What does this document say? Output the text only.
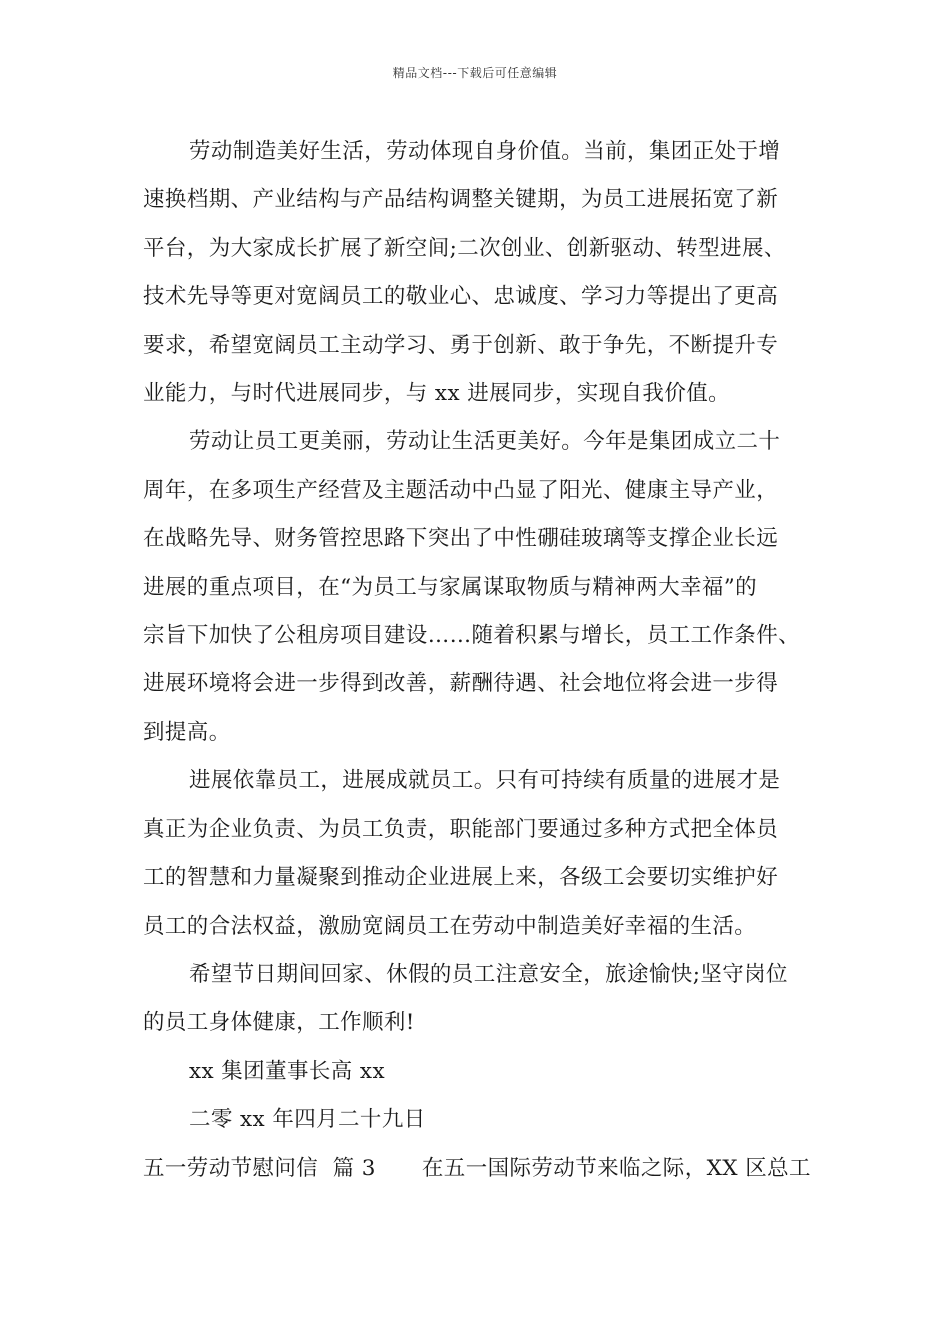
精品文档---下载后可任意编辑

劳动制造美好生活，劳动体现自身价值。当前，集团正处于增
速换档期、产业结构与产品结构调整关键期，为员工进展拓宽了新
平台，为大家成长扩展了新空间;二次创业、创新驱动、转型进展、
技术先导等更对宽阔员工的敬业心、忠诚度、学习力等提出了更高
要求，希望宽阔员工主动学习、勇于创新、敢于争先，不断提升专
业能力，与时代进展同步，与 xx 进展同步，实现自我价值。

劳动让员工更美丽，劳动让生活更美好。今年是集团成立二十
周年，在多项生产经营及主题活动中凸显了阳光、健康主导产业，
在战略先导、财务管控思路下突出了中性硼硅玻璃等支撑企业长远
进展的重点项目，在“为员工与家属谋取物质与精神两大幸福”的
宗旨下加快了公租房项目建设……随着积累与增长，员工工作条件、
进展环境将会进一步得到改善，薪酬待遇、社会地位将会进一步得
到提高。

进展依靠员工，进展成就员工。只有可持续有质量的进展才是
真正为企业负责、为员工负责，职能部门要通过多种方式把全体员
工的智慧和力量凝聚到推动企业进展上来，各级工会要切实维护好
员工的合法权益，激励宽阔员工在劳动中制造美好幸福的生活。

希望节日期间回家、休假的员工注意安全，旅途愉快;坚守岗位
的员工身体健康，工作顺利!

xx 集团董事长高 xx

二零 xx 年四月二十九日

五一劳动节慰问信  篇 3 在五一国际劳动节来临之际，XX 区总工
